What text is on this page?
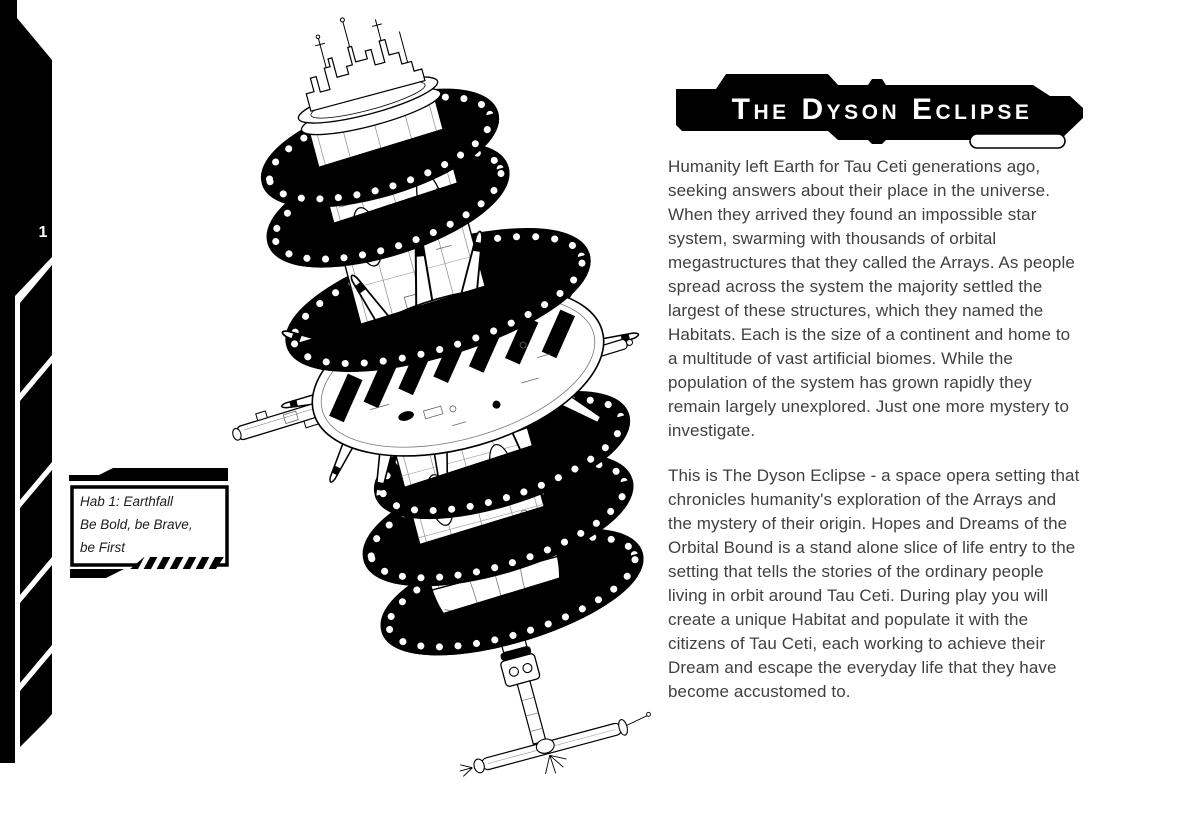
1
Hab 1: Earthfall
Be Bold, be Brave,
be First
The Dyson Eclipse

Humanity left Earth for Tau Ceti generations ago, seeking answers about their place in the universe. When they arrived they found an impossible star system, swarming with thousands of orbital megastructures that they called the Arrays. As people spread across the system the majority settled the largest of these structures, which they named the Habitats. Each is the size of a continent and home to a multitude of vast artificial biomes. While the population of the system has grown rapidly they remain largely unexplored. Just one more mystery to investigate.

This is The Dyson Eclipse - a space opera setting that chronicles humanity's exploration of the Arrays and the mystery of their origin. Hopes and Dreams of the Orbital Bound is a stand alone slice of life entry to the setting that tells the stories of the ordinary people living in orbit around Tau Ceti. During play you will create a unique Habitat and populate it with the citizens of Tau Ceti, each working to achieve their Dream and escape the everyday life that they have become accustomed to.
